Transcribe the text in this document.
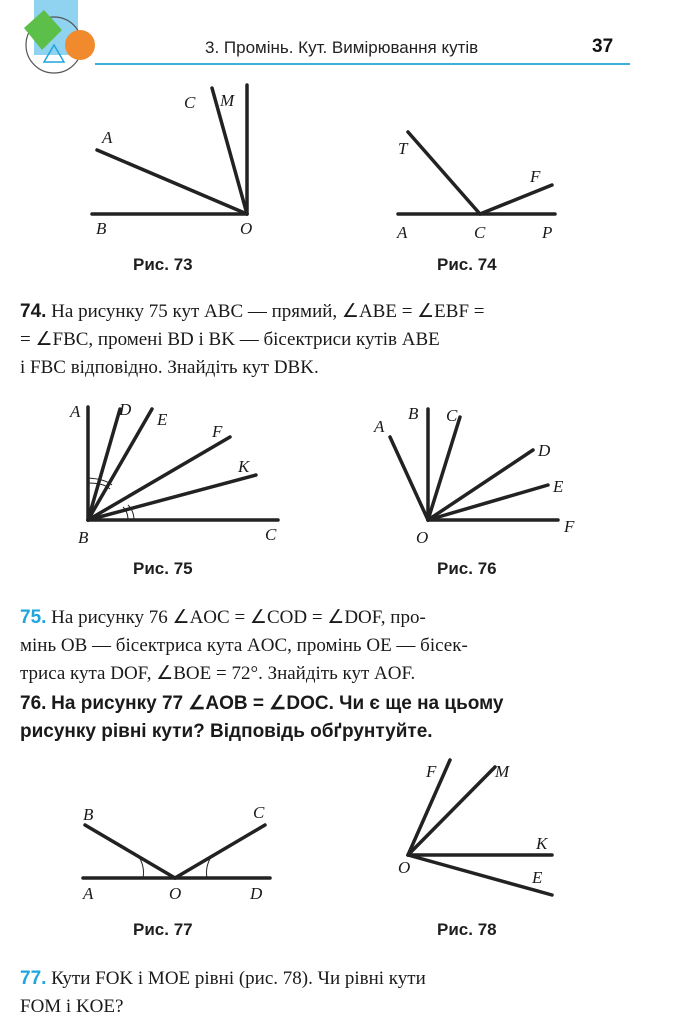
3. Промінь. Кут. Вимірювання кутів	37
A
C M
B	O
Рис. 73
T
F
A	C	P
Рис. 74

74. На рисунку 75 кут ABC — прямий, ∠ABE = ∠EBF =
= ∠FBC, промені BD і BK — бісектриси кутів ABE
і FBC відповідно. Знайдіть кут DBK.

A D
E
F
K
B	C
Рис. 75
A
B C
D
E
F
O
Рис. 76

75. На рисунку 76 ∠AOC = ∠COD = ∠DOF, про-
мінь OB — бісектриса кута AOC, промінь OE — бісек-
триса кута DOF, ∠BOE = 72°. Знайдіть кут AOF.

76. На рисунку 77 ∠AOB = ∠DOC. Чи є ще на цьому
рисунку рівні кути? Відповідь обґрунтуйте.

B	C
A	O	D
Рис. 77
F	M
K
O
E
Рис. 78

77. Кути FOK і MOE рівні (рис. 78). Чи рівні кути
FOM і KOE?
